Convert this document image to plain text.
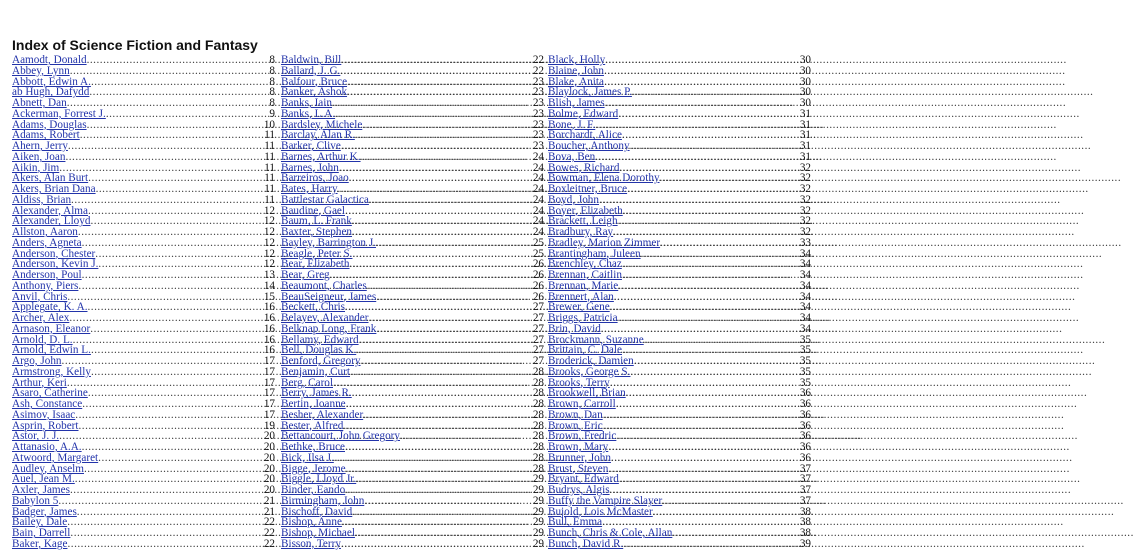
Index of Science Fiction and Fantasy
Aamodt, Donald .....	8
Abbey, Lynn .....	8
Abbott, Edwin A. .....	8
ab Hugh, Dafydd .....	8
Abnett, Dan .....	8
Ackerman, Forrest J. .....	9
Adams, Douglas .....	10
Adams, Robert .....	11
Ahern, Jerry .....	11
Aiken, Joan .....	11
Aikin, Jim .....	11
Akers, Alan Burt .....	11
Akers, Brian Dana .....	11
Aldiss, Brian .....	11
Alexander, Alma .....	12
Alexander, Lloyd .....	12
Allston, Aaron .....	12
Anders, Agneta .....	12
Anderson, Chester .....	12
Anderson, Kevin J. .....	12
Anderson, Poul .....	13
Anthony, Piers .....	14
Anvil, Chris .....	15
Applegate, K. A. .....	16
Archer, Alex .....	16
Arnason, Eleanor .....	16
Arnold, D. L. .....	16
Arnold, Edwin L. .....	16
Argo, John .....	17
Armstrong, Kelly .....	17
Arthur, Keri .....	17
Asaro, Catherine .....	17
Ash, Constance .....	17
Asimov, Isaac .....	17
Asprin, Robert .....	19
Astor, J. J. .....	20
Attanasio, A.A. .....	20
Atwoord, Margaret .....	20
Audley, Anselm .....	20
Auel, Jean M. .....	20
Axler, James .....	20
Babylon 5 .....	21
Badger, James .....	21
Bailey, Dale .....	22
Bain, Darrell .....	22
Baker, Kage .....	22
Baldwin, Bill .....	22
Ballard, J. G. .....	22
Balfour, Bruce .....	23
Banker, Ashok .....	23
Banks, Iain .....	23
Banks, L.A. .....	23
Bardsley, Michele .....	23
Barclay, Alan R. .....	23
Barker, Clive .....	23
Barnes, Arthur K. .....	24
Barnes, John .....	24
Barreiros, Joao .....	24
Bates, Harry .....	24
Battlestar Galactica .....	24
Baudine, Gael .....	24
Baum, L. Frank .....	24
Baxter, Stephen .....	24
Bayley, Barrington J. .....	25
Beagle, Peter S. .....	25
Bear, Elizabeth .....	26
Bear, Greg .....	26
Beaumont, Charles .....	26
BeauSeigneur, James .....	26
Beckett, Chris .....	27
Belayev, Alexander .....	27
Belknap Long, Frank .....	27
Bellamy, Edward .....	27
Bell, Douglas K. .....	27
Benford, Gregory .....	27
Benjamin, Curt .....	28
Berg, Carol .....	28
Berry, James R. .....	28
Bertin, Joanne .....	28
Besher, Alexander .....	28
Bester, Alfred .....	28
Bettancourt, John Gregory .....	28
Bethke, Bruce .....	28
Bick, Ilsa J. .....	28
Bigge, Jerome .....	28
Biggle, Lloyd Jr. .....	29
Binder, Eando .....	29
Birmingham, John .....	29
Bischoff, David .....	29
Bishop, Anne .....	29
Bishop, Michael .....	29
Bisson, Terry .....	29
Black, Holly .....	30
Blaine, John .....	30
Blake, Anita .....	30
Blaylock, James P. .....	30
Blish, James .....	30
Bolme, Edward .....	31
Bone, J. F. .....	31
Borchardt, Alice .....	31
Boucher, Anthony .....	31
Bova, Ben .....	31
Bowes, Richard .....	32
Bowman, Elena Dorothy .....	32
Boxleitner, Bruce .....	32
Boyd, John .....	32
Boyer, Elizabeth .....	32
Brackett, Leigh .....	32
Bradbury, Ray .....	32
Bradley, Marion Zimmer .....	33
Brantingham, Juleen .....	34
Brenchley, Chaz .....	34
Brennan, Caitlin .....	34
Brennan, Marie .....	34
Brennert, Alan .....	34
Brewer, Gene .....	34
Briggs, Patricia .....	34
Brin, David .....	34
Brockmann, Suzanne .....	35
Brittain, C. Dale .....	35
Broderick, Damien .....	35
Brooks, George S. .....	35
Brooks, Terry .....	35
Brookwell, Brian .....	36
Brown, Carroll .....	36
Brown, Dan .....	36
Brown, Eric .....	36
Brown, Fredric .....	36
Brown, Mary .....	36
Brunner, John .....	36
Brust, Steven .....	37
Bryant, Edward .....	37
Budrys, Algis .....	37
Buffy the Vampire Slayer .....	37
Bujold, Lois McMaster .....	38
Bull, Emma .....	38
Bunch, Chris & Cole, Allan .....	38
Bunch, David R. .....	39
